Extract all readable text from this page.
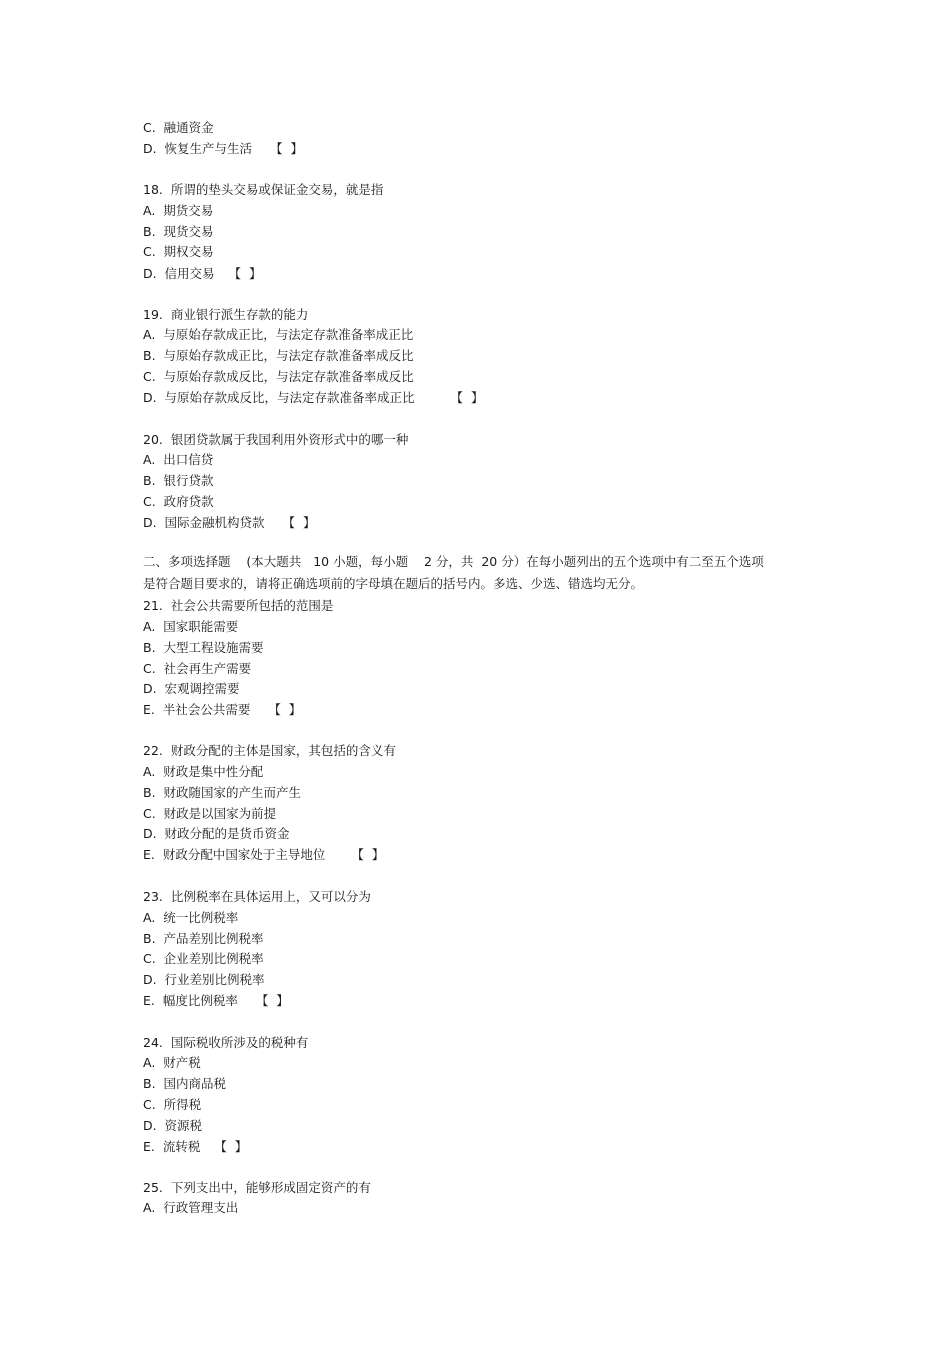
C.  融通资金
D.  恢复生产与生活 【  】
18.  所谓的垫头交易或保证金交易，就是指
A.  期货交易
B.  现货交易
C.  期权交易
D.  信用交易 【  】
19.  商业银行派生存款的能力
A.  与原始存款成正比，与法定存款准备率成正比
B.  与原始存款成正比，与法定存款准备率成反比
C.  与原始存款成反比，与法定存款准备率成反比
D.  与原始存款成反比，与法定存款准备率成正比	【  】
20.  银团贷款属于我国利用外资形式中的哪一种
A.  出口信贷
B.  银行贷款
C.  政府贷款
D.  国际金融机构贷款 【  】
二、多项选择题    (本大题共   10 小题，每小题    2 分，共  20 分）在每小题列出的五个选项中有二至五个选项
是符合题目要求的，请将正确选项前的字母填在题后的括号内。多选、少选、错选均无分。
21.  社会公共需要所包括的范围是
A.  国家职能需要
B.  大型工程设施需要
C.  社会再生产需要
D.  宏观调控需要
E.  半社会公共需要 【  】
22.  财政分配的主体是国家，其包括的含义有
A.  财政是集中性分配
B.  财政随国家的产生而产生
C.  财政是以国家为前提
D.  财政分配的是货币资金
E.  财政分配中国家处于主导地位 【  】
23.  比例税率在具体运用上，又可以分为
A.  统一比例税率
B.  产品差别比例税率
C.  企业差别比例税率
D.  行业差别比例税率
E.  幅度比例税率 【  】
24.  国际税收所涉及的税种有
A.  财产税
B.  国内商品税
C.  所得税
D.  资源税
E.  流转税 【  】
25.  下列支出中，能够形成固定资产的有
A.  行政管理支出
